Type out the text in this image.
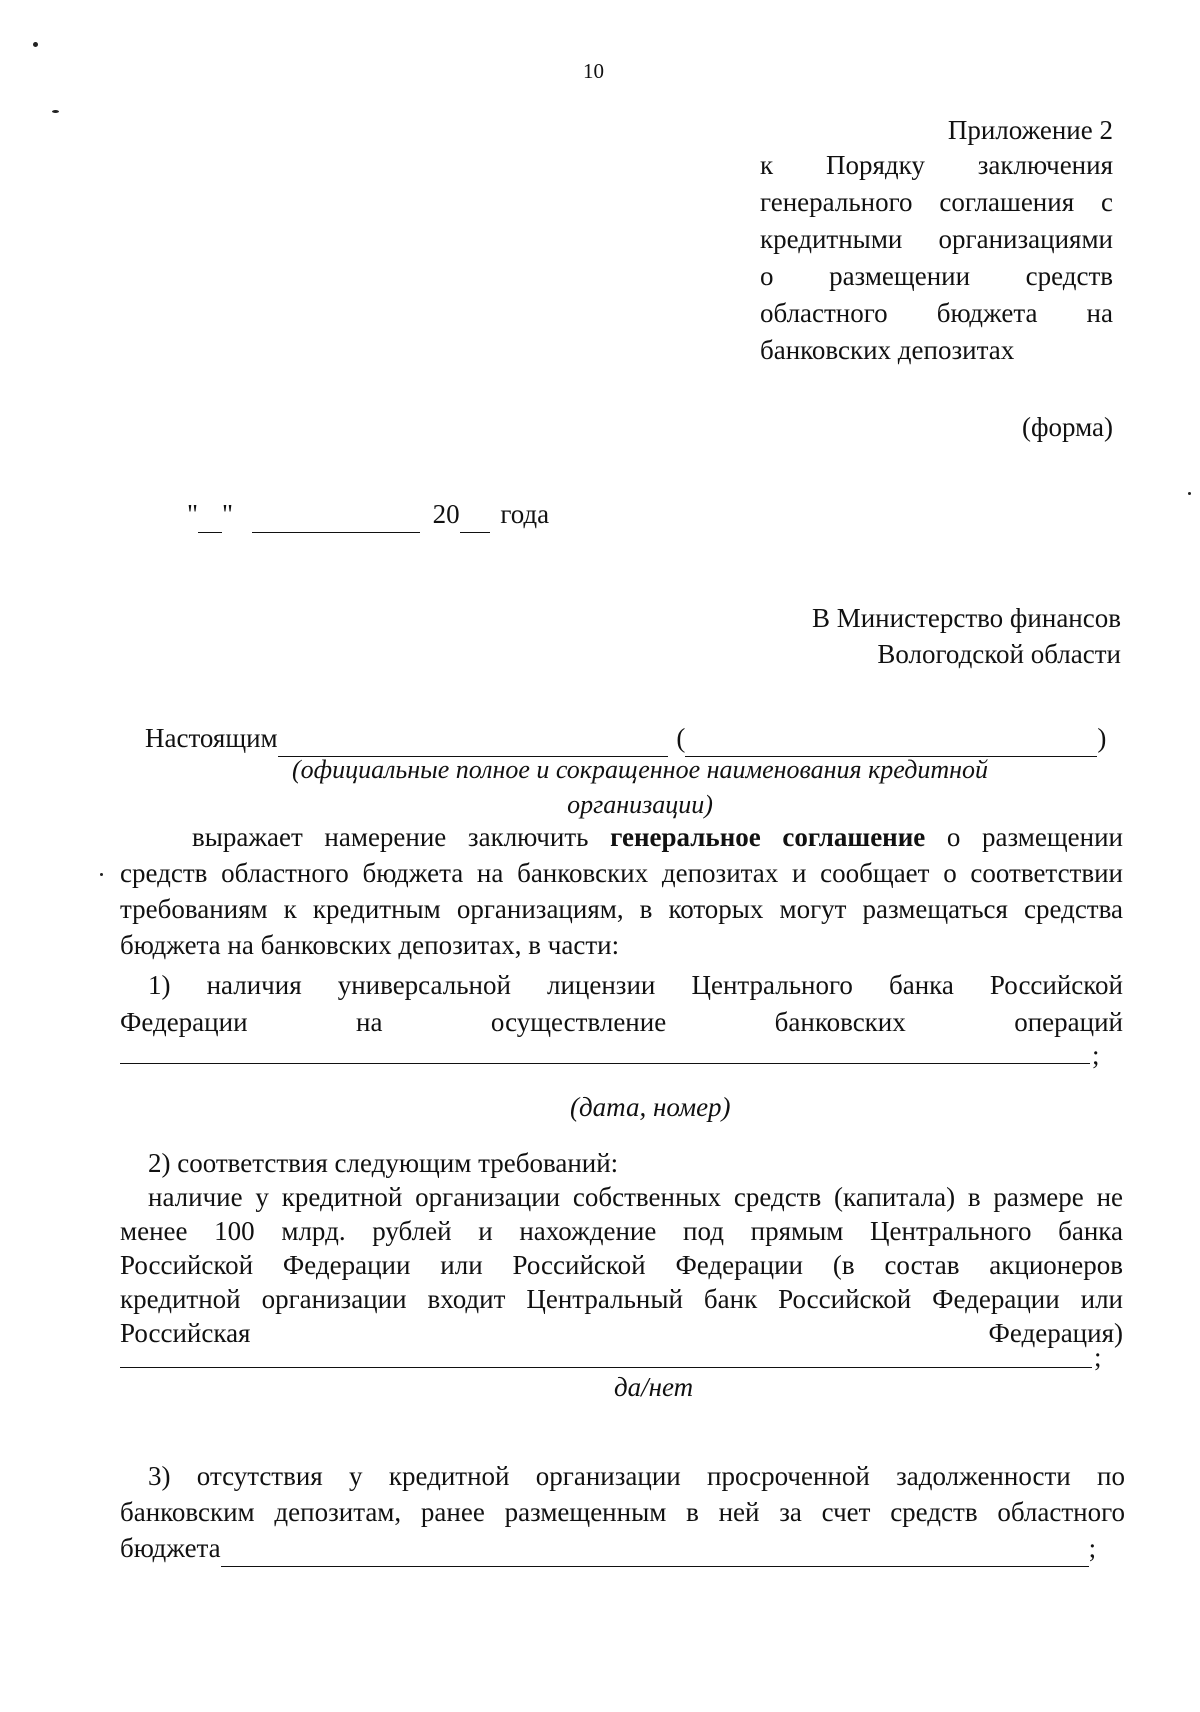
10
Приложение 2
к Порядку заключения
генерального соглашения с
кредитными организациями
о размещении средств
областного бюджета на
банковских депозитах
(форма)
" "	20 года
В Министерство финансов
Вологодской области
Настоящим	(	)
(официальные полное и сокращенное наименования кредитной
организации)
выражает намерение заключить генеральное соглашение о размещении
средств областного бюджета на банковских депозитах и сообщает о соответствии
требованиям к кредитным организациям, в которых могут размещаться средства
бюджета на банковских депозитах, в части:
1) наличия универсальной лицензии Центрального банка Российской
Федерации на осуществление банковских операций
;
(дата, номер)
2) соответствия следующим требований:
наличие у кредитной организации собственных средств (капитала) в размере не
менее 100 млрд. рублей и нахождение под прямым Центрального банка
Российской Федерации или Российской Федерации (в состав акционеров
кредитной организации входит Центральный банк Российской Федерации или
Российская	Федерация)
;
да/нет
3) отсутствия у кредитной организации просроченной задолженности по
банковским депозитам, ранее размещенным в ней за счет средств областного
бюджета	;
